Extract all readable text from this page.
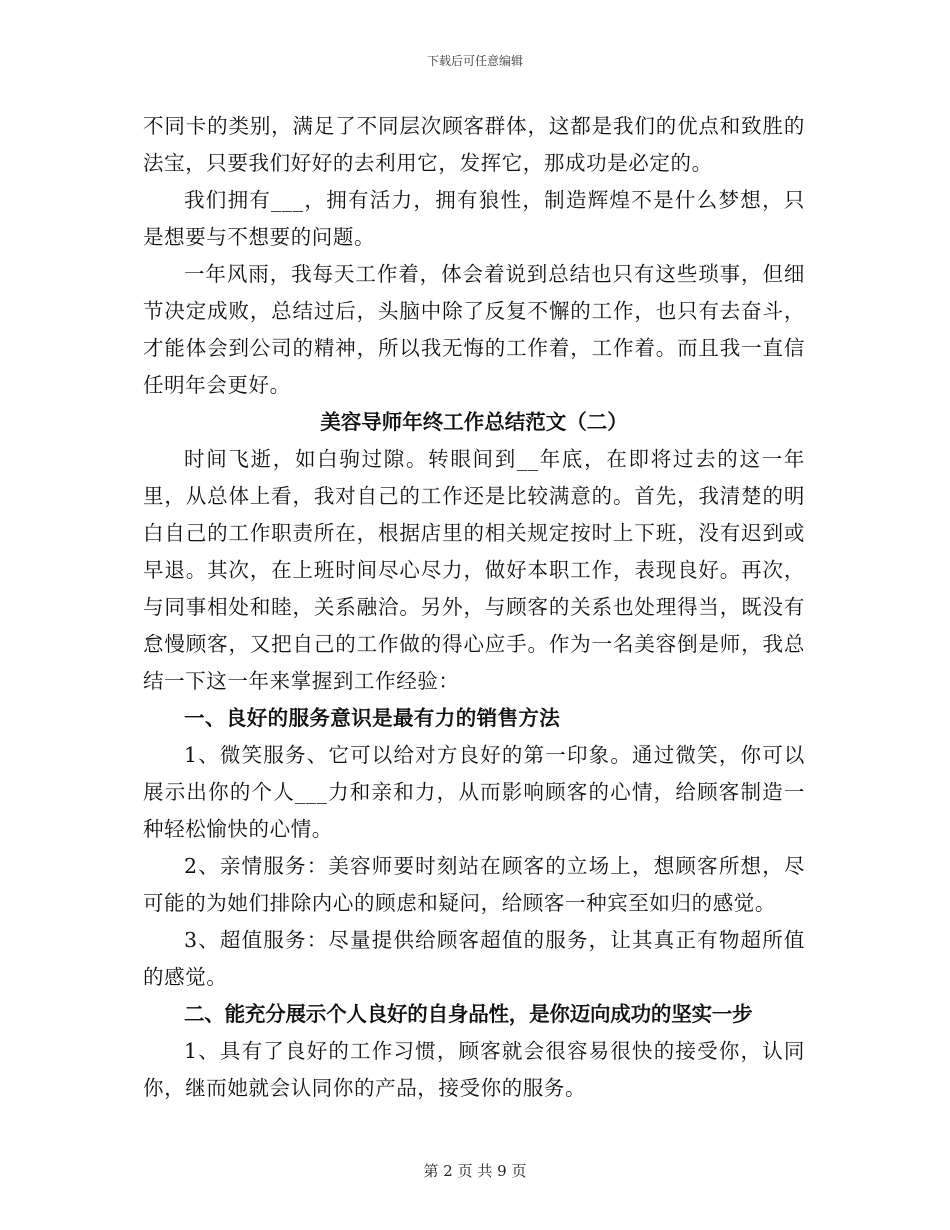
下载后可任意编辑

不同卡的类别，满足了不同层次顾客群体，这都是我们的优点和致胜的法宝，只要我们好好的去利用它，发挥它，那成功是必定的。

我们拥有___，拥有活力，拥有狼性，制造辉煌不是什么梦想，只是想要与不想要的问题。

一年风雨，我每天工作着，体会着说到总结也只有这些琐事，但细节决定成败，总结过后，头脑中除了反复不懈的工作，也只有去奋斗，才能体会到公司的精神，所以我无悔的工作着，工作着。而且我一直信任明年会更好。

美容导师年终工作总结范文（二）

时间飞逝，如白驹过隙。转眼间到__年底，在即将过去的这一年里，从总体上看，我对自己的工作还是比较满意的。首先，我清楚的明白自己的工作职责所在，根据店里的相关规定按时上下班，没有迟到或早退。其次，在上班时间尽心尽力，做好本职工作，表现良好。再次，与同事相处和睦，关系融洽。另外，与顾客的关系也处理得当，既没有怠慢顾客，又把自己的工作做的得心应手。作为一名美容倒是师，我总结一下这一年来掌握到工作经验：

一、良好的服务意识是最有力的销售方法

1、微笑服务、它可以给对方良好的第一印象。通过微笑，你可以展示出你的个人___力和亲和力，从而影响顾客的心情，给顾客制造一种轻松愉快的心情。

2、亲情服务：美容师要时刻站在顾客的立场上，想顾客所想，尽可能的为她们排除内心的顾虑和疑问，给顾客一种宾至如归的感觉。

3、超值服务：尽量提供给顾客超值的服务，让其真正有物超所值的感觉。

二、能充分展示个人良好的自身品性，是你迈向成功的坚实一步

1、具有了良好的工作习惯，顾客就会很容易很快的接受你，认同你，继而她就会认同你的产品，接受你的服务。

第 2 页 共 9 页
